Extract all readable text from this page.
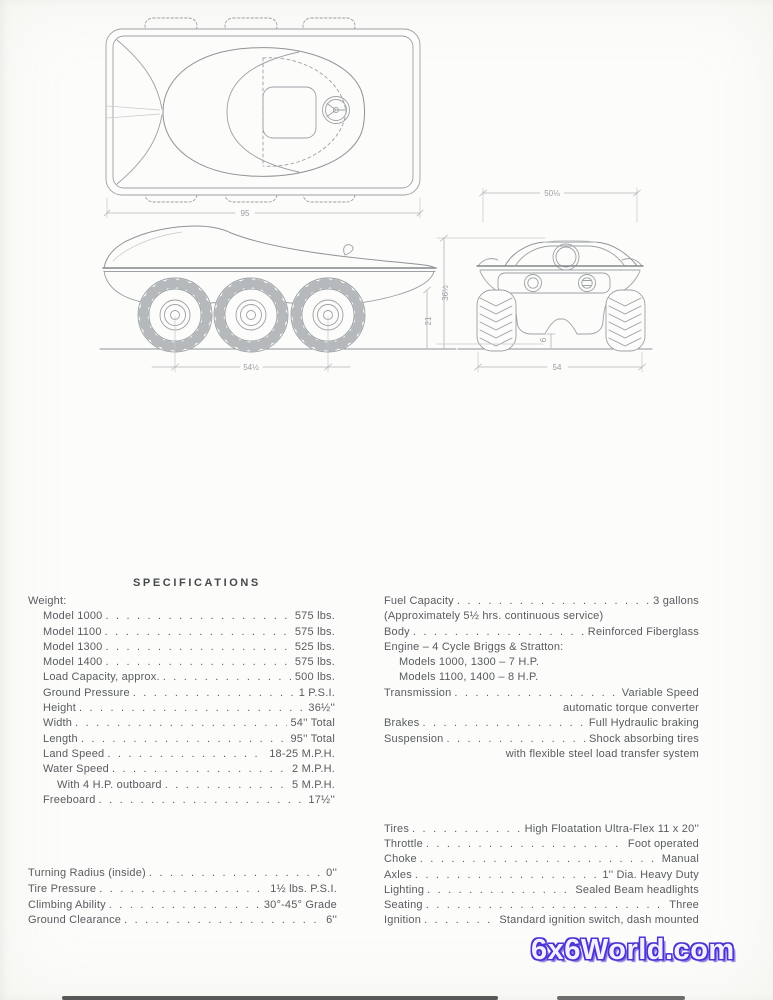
95
36½
21
54½
50⅛
6
54
SPECIFICATIONS
Weight:
Model 1000 . . .	575 lbs.
Model 1100 . . .	575 lbs.
Model 1300 . . .	525 lbs.
Model 1400 . . .	575 lbs.
Load Capacity, approx. . . .	500 lbs.
Ground Pressure . . .	1 P.S.I.
Height . . .	36½''
Width . . .	54'' Total
Length . . .	95'' Total
Land Speed . . .	18-25 M.P.H.
Water Speed . . .	2 M.P.H.
With 4 H.P. outboard . . .	5 M.P.H.
Freeboard . . .	17½''
Turning Radius (inside) . . .	0''
Tire Pressure . . .	1½ lbs. P.S.I.
Climbing Ability . . .	30°-45° Grade
Ground Clearance . . .	6''
Fuel Capacity . . .	3 gallons
(Approximately 5½ hrs. continuous service)
Body . . .	Reinforced Fiberglass
Engine – 4 Cycle Briggs & Stratton:
Models 1000, 1300 – 7 H.P.
Models 1100, 1400 – 8 H.P.
Transmission . . .	Variable Speed
automatic torque converter
Brakes . . .	Full Hydraulic braking
Suspension . . .	Shock absorbing tires
with flexible steel load transfer system
Tires . . .	High Floatation Ultra-Flex 11 x 20''
Throttle . . .	Foot operated
Choke . . .	Manual
Axles . . .	1'' Dia. Heavy Duty
Lighting . . .	Sealed Beam headlights
Seating . . .	Three
Ignition . . .	Standard ignition switch, dash mounted
6x6World.com
